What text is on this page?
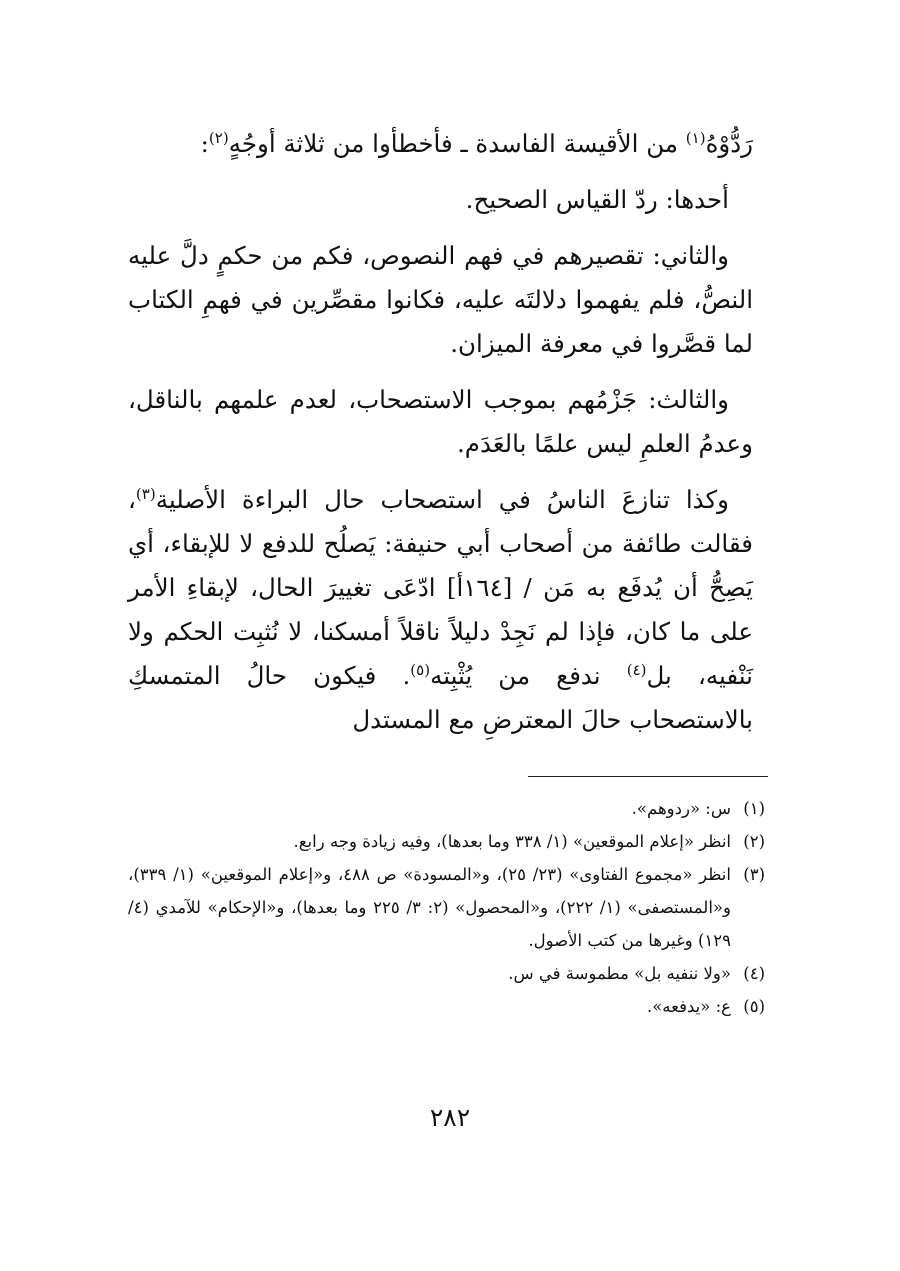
رَدُّوْهُ$^{(١)}$ من الأقيسة الفاسدة ـ فأخطأوا من ثلاثة أوجُهٍ$^{(٢)}$:

أحدها: ردّ القياس الصحيح.

والثاني: تقصيرهم في فهم النصوص، فكم من حكمٍ دلَّ عليه النصُّ، فلم يفهموا دلالتَه عليه، فكانوا مقصِّرين في فهمِ الكتاب لما قصَّروا في معرفة الميزان.

والثالث: جَزْمُهم بموجب الاستصحاب، لعدم علمهم بالناقل، وعدمُ العلمِ ليس علمًا بالعَدَم.

وكذا تنازعَ الناسُ في استصحاب حال البراءة الأصلية$^{(٣)}$، فقالت طائفة من أصحاب أبي حنيفة: يَصلُح للدفع لا للإبقاء، أي يَصِحُّ أن يُدفَع به مَن / [١٦٤أ] ادّعَى تغييرَ الحال، لإبقاءِ الأمر على ما كان، فإذا لم نَجِدْ دليلاً ناقلاً أمسكنا، لا نُثبِت الحكم ولا نَنْفيه، بل$^{(٤)}$ ندفع من يُثْبِته$^{(٥)}$. فيكون حالُ المتمسكِ بالاستصحاب حالَ المعترضِ مع المستدل

(١)
س: «ردوهم».
(٢)
انظر «إعلام الموقعين» (١/ ٣٣٨ وما بعدها)، وفيه زيادة وجه رابع.
(٣)
انظر «مجموع الفتاوى» (٢٣/ ٢٥)، و«المسودة» ص ٤٨٨، و«إعلام الموقعين» (١/ ٣٣٩)، و«المستصفى» (١/ ٢٢٢)، و«المحصول» (٢: ٣/ ٢٢٥ وما بعدها)، و«الإحكام» للآمدي (٤/ ١٢٩) وغيرها من كتب الأصول.
(٤)
«ولا ننفيه بل» مطموسة في س.
(٥)
ع: «يدفعه».
٢٨٢
